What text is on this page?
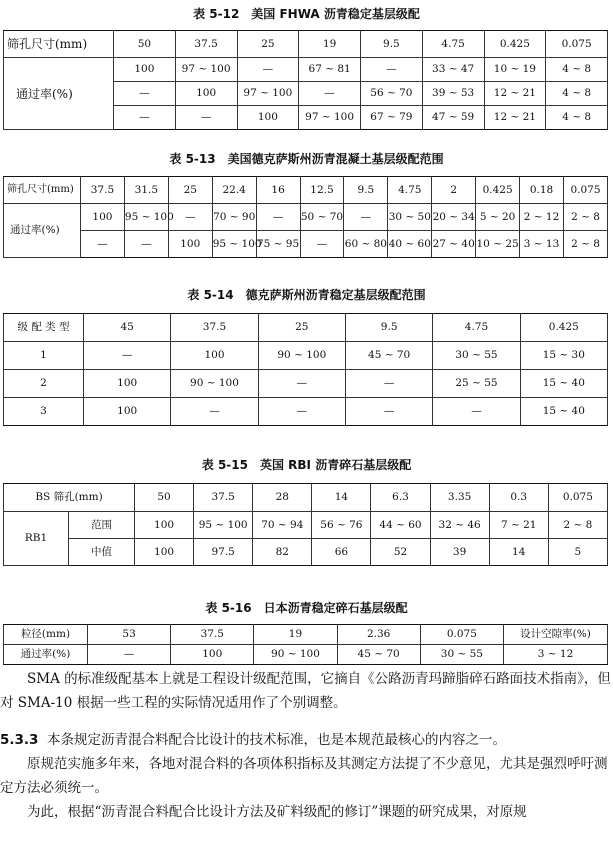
表 5-12　美国 FHWA 沥青稳定基层级配
筛孔尺寸(mm)	50	37.5	25	19	9.5	4.75	0.425	0.075
通过率(%)	100	97 ~ 100	—	67 ~ 81	—	33 ~ 47	10 ~ 19	4 ~ 8
	—	100	97 ~ 100	—	56 ~ 70	39 ~ 53	12 ~ 21	4 ~ 8
	—	—	100	97 ~ 100	67 ~ 79	47 ~ 59	12 ~ 21	4 ~ 8
表 5-13　美国德克萨斯州沥青混凝土基层级配范围
筛孔尺寸(mm)	37.5	31.5	25	22.4	16	12.5	9.5	4.75	2	0.425	0.18	0.075
通过率(%)	100	95 ~ 100	—	70 ~ 90	—	50 ~ 70	—	30 ~ 50	20 ~ 34	5 ~ 20	2 ~ 12	2 ~ 8
	—	—	100	95 ~ 100	75 ~ 95	—	60 ~ 80	40 ~ 60	27 ~ 40	10 ~ 25	3 ~ 13	2 ~ 8
表 5-14　德克萨斯州沥青稳定基层级配范围
级 配 类 型	45	37.5	25	9.5	4.75	0.425
1	—	100	90 ~ 100	45 ~ 70	30 ~ 55	15 ~ 30
2	100	90 ~ 100	—	—	25 ~ 55	15 ~ 40
3	100	—	—	—	—	15 ~ 40
表 5-15　英国 RBI 沥青碎石基层级配
BS 筛孔(mm)		50	37.5	28	14	6.3	3.35	0.3	0.075
RB1	范围	100	95 ~ 100	70 ~ 94	56 ~ 76	44 ~ 60	32 ~ 46	7 ~ 21	2 ~ 8
	中值	100	97.5	82	66	52	39	14	5
表 5-16　日本沥青稳定碎石基层级配
粒径(mm)	53	37.5	19	2.36	0.075	设计空隙率(%)
通过率(%)	—	100	90 ~ 100	45 ~ 70	30 ~ 55	3 ~ 12

SMA 的标准级配基本上就是工程设计级配范围，它摘自《公路沥青玛蹄脂碎石路面技术指南》，但对 SMA-10 根据一些工程的实际情况适用作了个别调整。

5.3.3 本条规定沥青混合料配合比设计的技术标准，也是本规范最核心的内容之一。

原规范实施多年来，各地对混合料的各项体积指标及其测定方法提了不少意见，尤其是强烈呼吁测定方法必须统一。

为此，根据“沥青混合料配合比设计方法及矿料级配的修订”课题的研究成果，对原规
